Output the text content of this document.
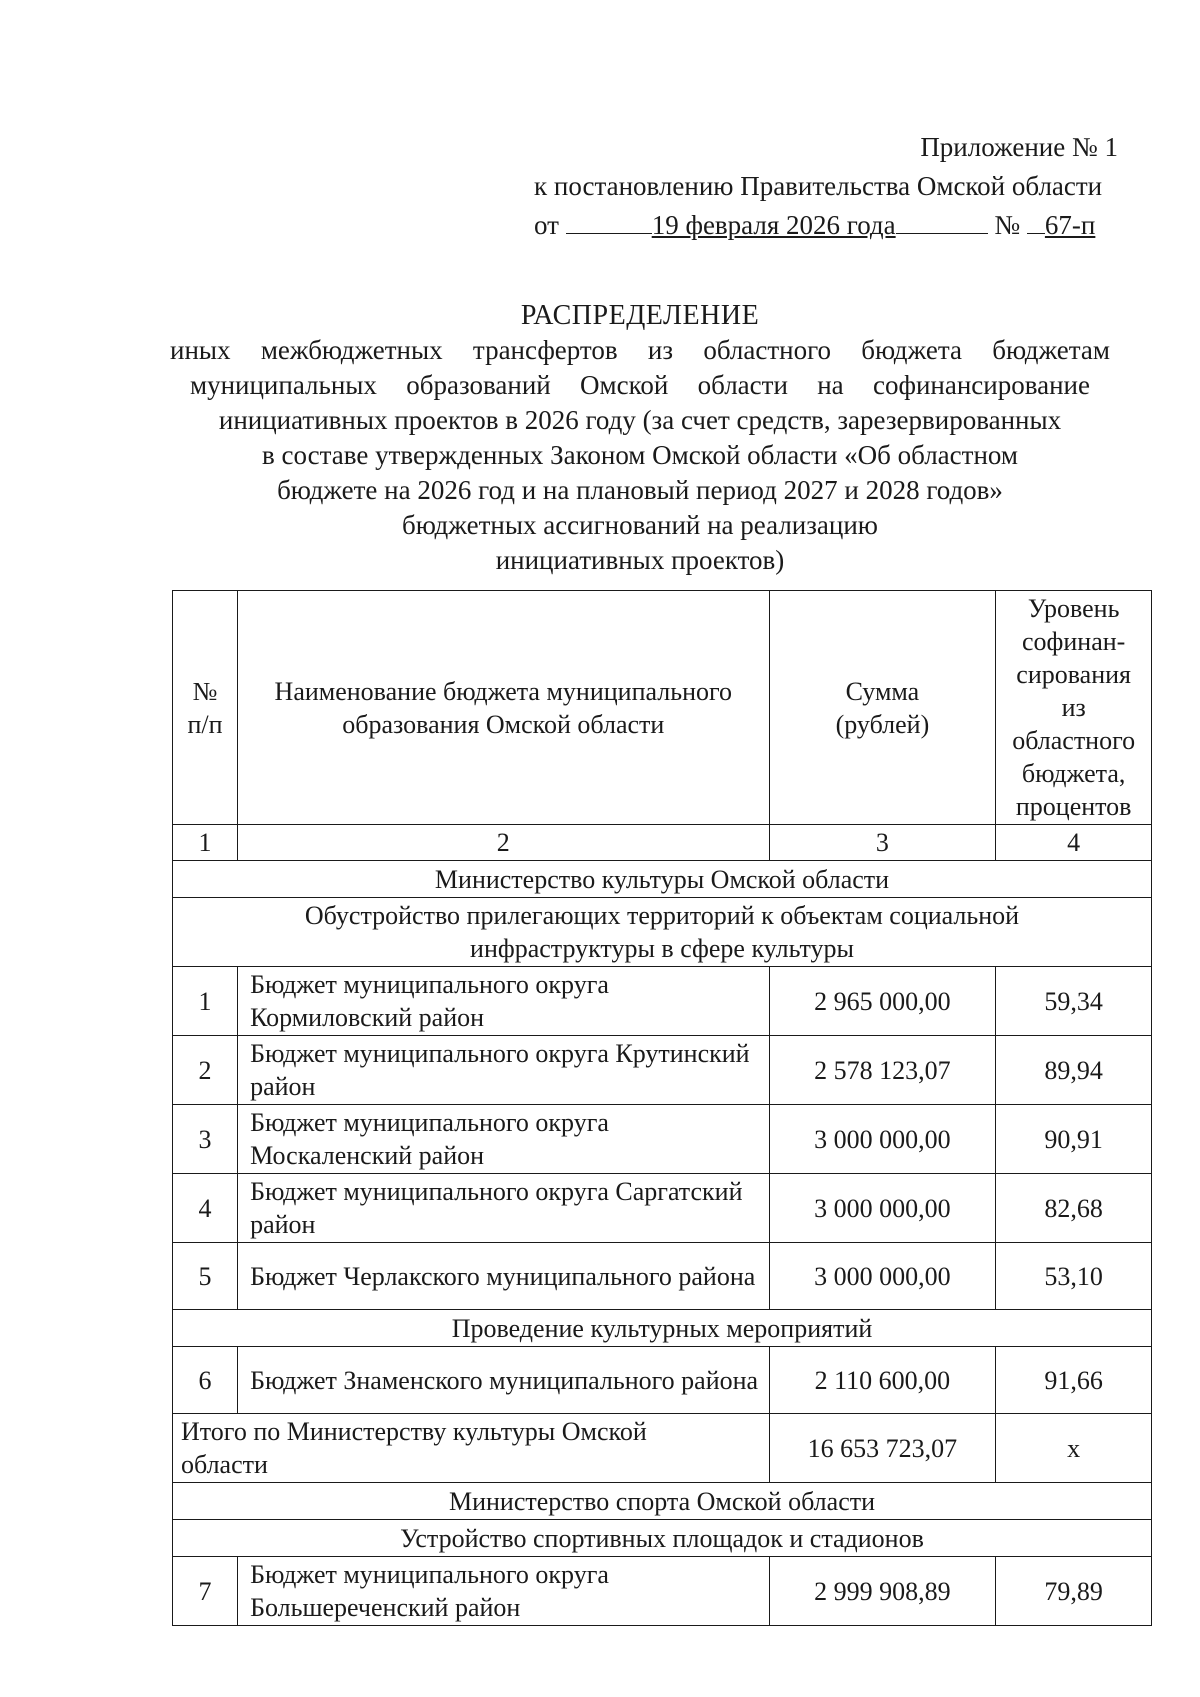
Приложение № 1
к постановлению Правительства Омской области
от	19 февраля 2026 года	№ 67-п
РАСПРЕДЕЛЕНИЕ
иных межбюджетных трансфертов из областного бюджета бюджетам
муниципальных образований Омской области на софинансирование
инициативных проектов в 2026 году (за счет средств, зарезервированных
в составе утвержденных Законом Омской области «Об областном
бюджете на 2026 год и на плановый период 2027 и 2028 годов»
бюджетных ассигнований на реализацию
инициативных проектов)
№ п/п	Наименование бюджета муниципального образования Омской области	Сумма (рублей)	Уровень софинан-сирования из областного бюджета, процентов
1	2	3	4
Министерство культуры Омской области			
Обустройство прилегающих территорий к объектам социальной инфраструктуры в сфере культуры			
1	Бюджет муниципального округа Кормиловский район	2 965 000,00	59,34
2	Бюджет муниципального округа Крутинский район	2 578 123,07	89,94
3	Бюджет муниципального округа Москаленский район	3 000 000,00	90,91
4	Бюджет муниципального округа Саргатский район	3 000 000,00	82,68
5	Бюджет Черлакского муниципального района	3 000 000,00	53,10
Проведение культурных мероприятий			
6	Бюджет Знаменского муниципального района	2 110 600,00	91,66
Итого по Министерству культуры Омской области		16 653 723,07	х
Министерство спорта Омской области			
Устройство спортивных площадок и стадионов			
7	Бюджет муниципального округа Большереченский район	2 999 908,89	79,89
